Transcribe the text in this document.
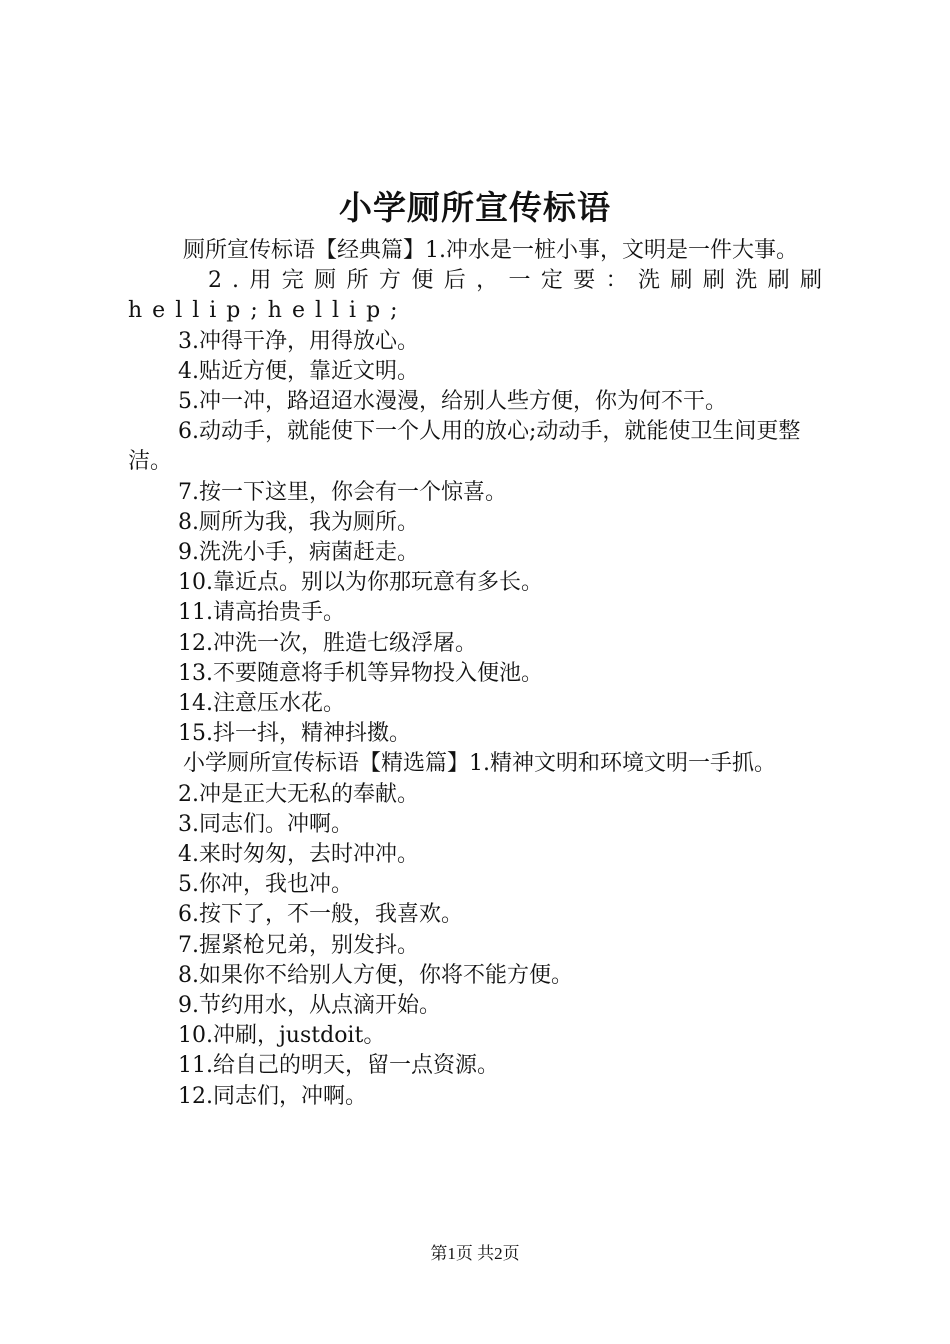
小学厕所宣传标语

厕所宣传标语【经典篇】1.冲水是一桩小事，文明是一件大事。

2.用完厕所方便后，一定要：洗刷刷洗刷刷hellip;hellip;

3.冲得干净，用得放心。

4.贴近方便，靠近文明。

5.冲一冲，路迢迢水漫漫，给别人些方便，你为何不干。

6.动动手，就能使下一个人用的放心;动动手，就能使卫生间更整洁。

7.按一下这里，你会有一个惊喜。

8.厕所为我，我为厕所。

9.洗洗小手，病菌赶走。

10.靠近点。别以为你那玩意有多长。

11.请高抬贵手。

12.冲洗一次，胜造七级浮屠。

13.不要随意将手机等异物投入便池。

14.注意压水花。

15.抖一抖，精神抖擞。

小学厕所宣传标语【精选篇】1.精神文明和环境文明一手抓。

2.冲是正大无私的奉献。

3.同志们。冲啊。

4.来时匆匆，去时冲冲。

5.你冲，我也冲。

6.按下了，不一般，我喜欢。

7.握紧枪兄弟，别发抖。

8.如果你不给别人方便，你将不能方便。

9.节约用水，从点滴开始。

10.冲刷，justdoit。

11.给自己的明天，留一点资源。

12.同志们，冲啊。

第1页 共2页
